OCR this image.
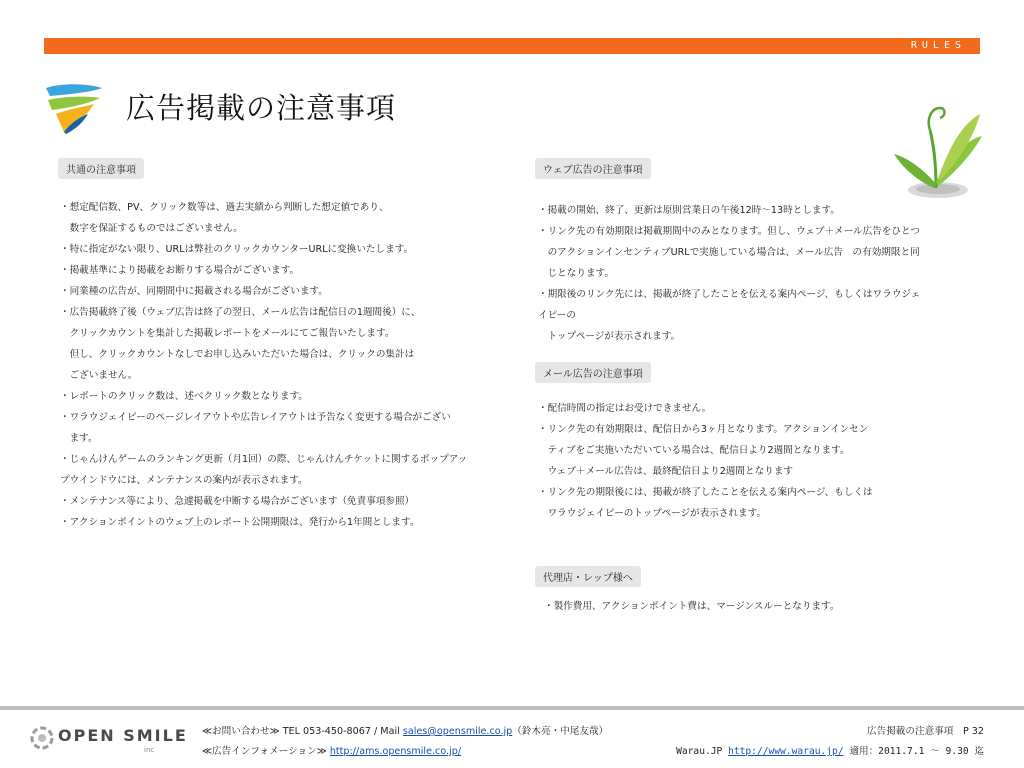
RULES
広告掲載の注意事項
共通の注意事項
・想定配信数、PV、クリック数等は、過去実績から判断した想定値であり、
　数字を保証するものではございません。
・特に指定がない限り、URLは弊社のクリックカウンターURLに変換いたします。
・掲載基準により掲載をお断りする場合がございます。
・同業種の広告が、同期間中に掲載される場合がございます。
・広告掲載終了後（ウェブ広告は終了の翌日、メール広告は配信日の1週間後）に、
　クリックカウントを集計した掲載レポートをメールにてご報告いたします。
　但し、クリックカウントなしでお申し込みいただいた場合は、クリックの集計は
　ございません。
・レポートのクリック数は、述べクリック数となります。
・ワラウジェイピーのページレイアウトや広告レイアウトは予告なく変更する場合がござい
　ます。
・じゃんけんゲームのランキング更新（月1回）の際、じゃんけんチケットに関するポップアッ
プウインドウには、メンテナンスの案内が表示されます。
・メンテナンス等により、急遽掲載を中断する場合がございます（免責事項参照）
・アクションポイントのウェブ上のレポート公開期限は、発行から1年間とします。
ウェブ広告の注意事項
・掲載の開始、終了、更新は原則営業日の午後12時～13時とします。
・リンク先の有効期限は掲載期間中のみとなります。但し、ウェブ＋メール広告をひとつ
　のアクションインセンティブURLで実施している場合は、メール広告　の有効期限と同
　じとなります。
・期限後のリンク先には、掲載が終了したことを伝える案内ページ、もしくはワラウジェ
イピーの
　トップページが表示されます。
メール広告の注意事項
・配信時間の指定はお受けできません。
・リンク先の有効期限は、配信日から3ヶ月となります。アクションインセン
　ティブをご実施いただいている場合は、配信日より2週間となります。
　ウェブ＋メール広告は、最終配信日より2週間となります
・リンク先の期限後には、掲載が終了したことを伝える案内ページ、もしくは
　ワラウジェイピーのトップページが表示されます。
代理店・レップ様へ
・製作費用、アクションポイント費は、マージンスルーとなります。
OPEN SMILE
inc
≪お問い合わせ≫ TEL 053-450-8067 / Mail sales@opensmile.co.jp（鈴木亮・中尾友哉）
≪広告インフォメーション≫ http://ams.opensmile.co.jp/
広告掲載の注意事項　P 32
Warau.JP http://www.warau.jp/ 適用：2011.7.1 ～ 9.30 迄
